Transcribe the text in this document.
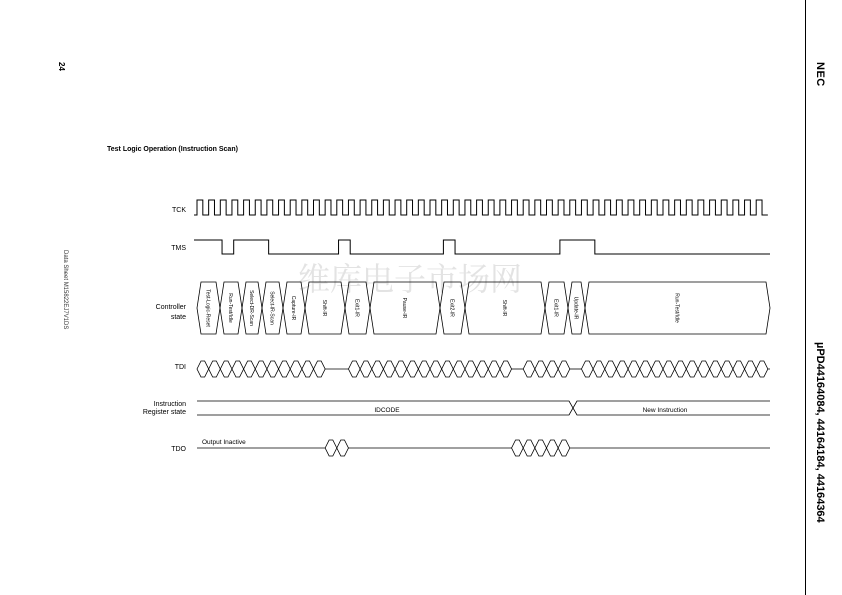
24
Data Sheet M15822EJ7V1DS
NEC
µPD44164084, 44164184, 44164364
Test Logic Operation (Instruction Scan)
维库电子市场网
TCK
TMS
Controller
state
TDI
Instruction
Register state
TDO
Test-Logic-Reset	Run-Test/Idle	Select-DR-Scan	Select-IR-Scan	Capture-IR	Shift-IR	Exit1-IR	Pause-IR	Exit2-IR	Shift-IR	Exit1-IR	Update-IR	Run-Test/Idle
IDCODE	New Instruction
Output Inactive
